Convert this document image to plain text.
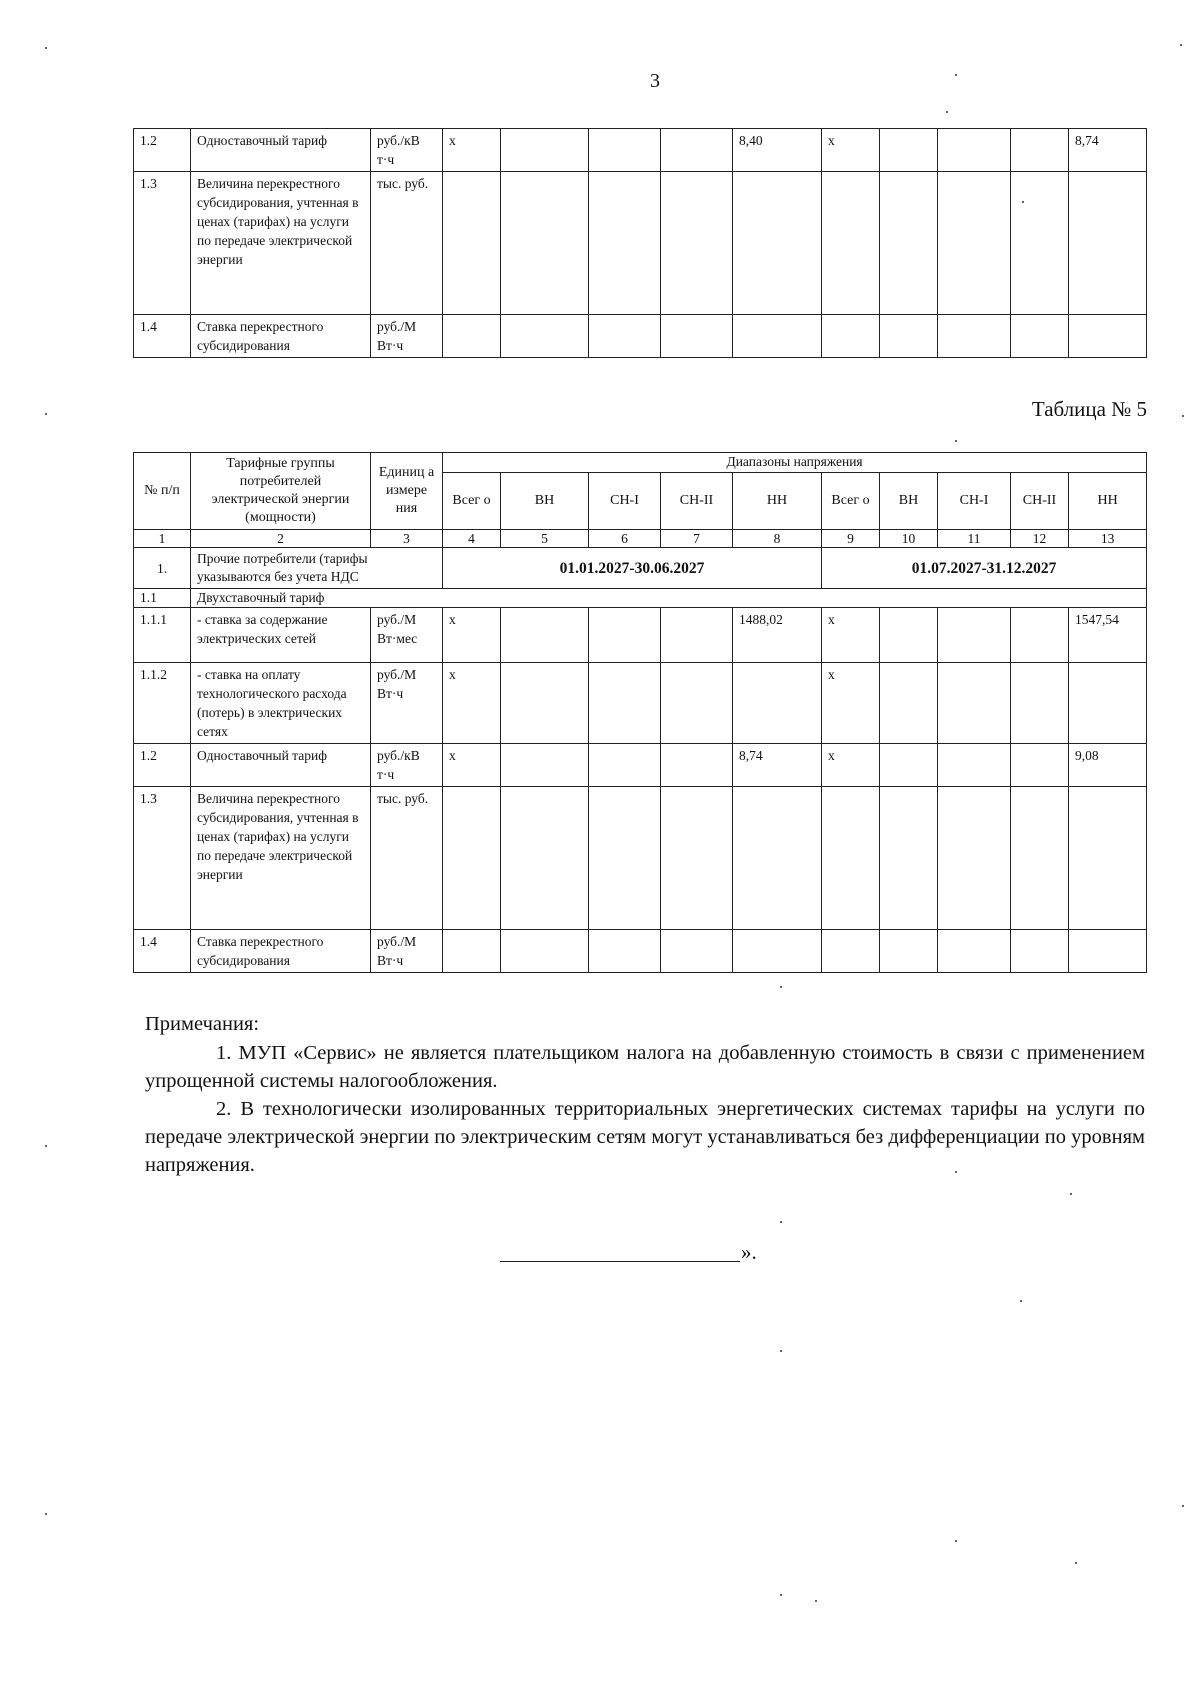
3
1.2	Одноставочный тариф	руб./кВ т·ч	х				8,40	х				8,74
1.3	Величина перекрестного субсидирования, учтенная в ценах (тарифах) на услуги по передаче электрической энергии	тыс. руб.										
1.4	Ставка перекрестного субсидирования	руб./М Вт·ч										
Таблица № 5
№ п/п	Тарифные группы потребителей электрической энергии (мощности)	Единиц а измере ния	Диапазоны напряжения									
			Всег о	ВН	СН-I	СН-II	НН	Всег о	ВН	СН-I	СН-II	НН
1	2	3	4	5	6	7	8	9	10	11	12	13
1.	Прочие потребители (тарифы указываются без учета НДС		01.01.2027-30.06.2027					01.07.2027-31.12.2027				
1.1	Двухставочный тариф											
1.1.1	- ставка за содержание электрических сетей	руб./М Вт·мес	х				1488,02	х				1547,54
1.1.2	- ставка на оплату технологического расхода (потерь) в электрических сетях	руб./М Вт·ч	х					х				
1.2	Одноставочный тариф	руб./кВ т·ч	х				8,74	х				9,08
1.3	Величина перекрестного субсидирования, учтенная в ценах (тарифах) на услуги по передаче электрической энергии	тыс. руб.										
1.4	Ставка перекрестного субсидирования	руб./М Вт·ч										

Примечания:

1. МУП «Сервис» не является плательщиком налога на добавленную стоимость в связи с применением упрощенной системы налогообложения.

2. В технологически изолированных территориальных энергетических системах тарифы на услуги по передаче электрической энергии по электрическим сетям могут устанавливаться без дифференциации по уровням напряжения.

».
